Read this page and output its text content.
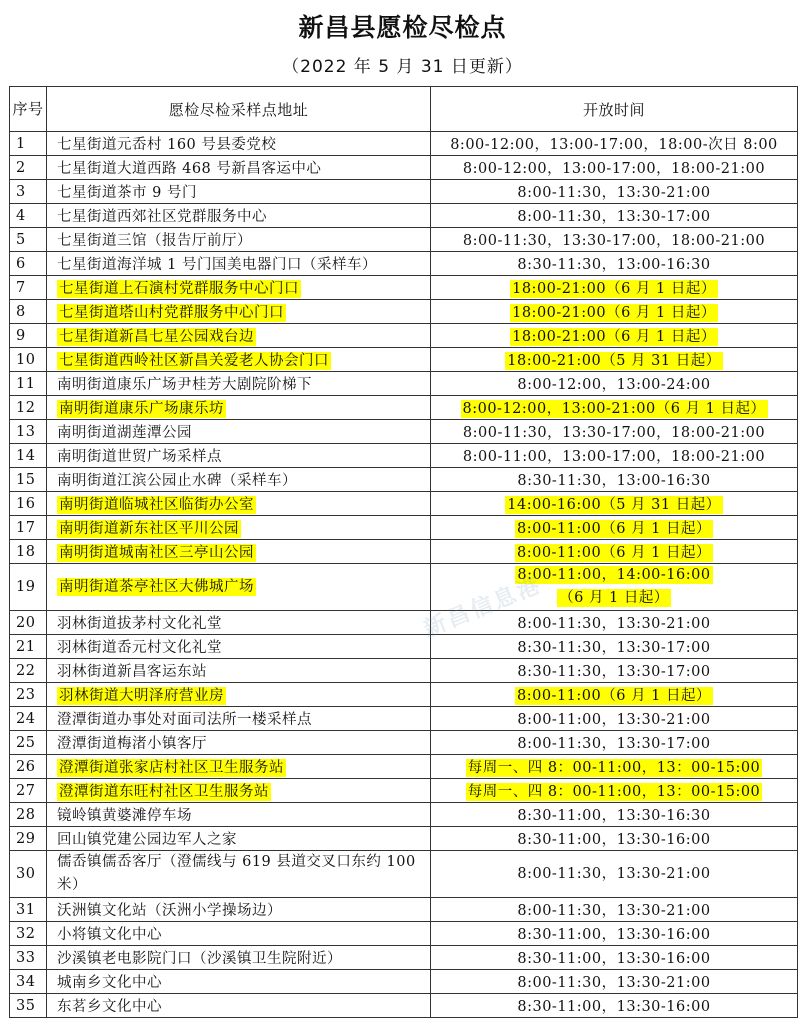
新昌县愿检尽检点
（2022 年 5 月 31 日更新）
序号	愿检尽检采样点地址	开放时间
1	七星街道元岙村 160 号县委党校	8:00-12:00，13:00-17:00，18:00-次日 8:00
2	七星街道大道西路 468 号新昌客运中心	8:00-12:00，13:00-17:00，18:00-21:00
3	七星街道茶市 9 号门	8:00-11:30，13:30-21:00
4	七星街道西郊社区党群服务中心	8:00-11:30，13:30-17:00
5	七星街道三馆（报告厅前厅）	8:00-11:30，13:30-17:00，18:00-21:00
6	七星街道海洋城 1 号门国美电器门口（采样车）	8:30-11:30，13:00-16:30
7	七星街道上石演村党群服务中心门口	18:00-21:00（6 月 1 日起）
8	七星街道塔山村党群服务中心门口	18:00-21:00（6 月 1 日起）
9	七星街道新昌七星公园戏台边	18:00-21:00（6 月 1 日起）
10	七星街道西岭社区新昌关爱老人协会门口	18:00-21:00（5 月 31 日起）
11	南明街道康乐广场尹桂芳大剧院阶梯下	8:00-12:00，13:00-24:00
12	南明街道康乐广场康乐坊	8:00-12:00，13:00-21:00（6 月 1 日起）
13	南明街道湖莲潭公园	8:00-11:30，13:30-17:00，18:00-21:00
14	南明街道世贸广场采样点	8:00-11:00，13:00-17:00，18:00-21:00
15	南明街道江滨公园止水碑（采样车）	8:30-11:30，13:00-16:30
16	南明街道临城社区临街办公室	14:00-16:00（5 月 31 日起）
17	南明街道新东社区平川公园	8:00-11:00（6 月 1 日起）
18	南明街道城南社区三亭山公园	8:00-11:00（6 月 1 日起）
19	南明街道茶亭社区大佛城广场	8:00-11:00，14:00-16:00
（6 月 1 日起）
20	羽林街道拔茅村文化礼堂	8:00-11:30，13:30-21:00
21	羽林街道岙元村文化礼堂	8:30-11:30，13:30-17:00
22	羽林街道新昌客运东站	8:30-11:30，13:30-17:00
23	羽林街道大明泽府营业房	8:00-11:00（6 月 1 日起）
24	澄潭街道办事处对面司法所一楼采样点	8:00-11:00，13:30-21:00
25	澄潭街道梅渚小镇客厅	8:00-11:30，13:30-17:00
26	澄潭街道张家店村社区卫生服务站	每周一、四 8：00-11:00，13：00-15:00
27	澄潭街道东旺村社区卫生服务站	每周一、四 8：00-11:00，13：00-15:00
28	镜岭镇黄婆滩停车场	8:30-11:00，13:30-16:30
29	回山镇党建公园边军人之家	8:30-11:00，13:30-16:00
30	儒岙镇儒岙客厅（澄儒线与 619 县道交叉口东约 100 米）	8:00-11:30，13:30-21:00
31	沃洲镇文化站（沃洲小学操场边）	8:00-11:30，13:30-21:00
32	小将镇文化中心	8:30-11:00，13:30-16:00
33	沙溪镇老电影院门口（沙溪镇卫生院附近）	8:30-11:00，13:30-16:00
34	城南乡文化中心	8:00-11:30，13:30-21:00
35	东茗乡文化中心	8:30-11:00，13:30-16:00
新昌信息港
